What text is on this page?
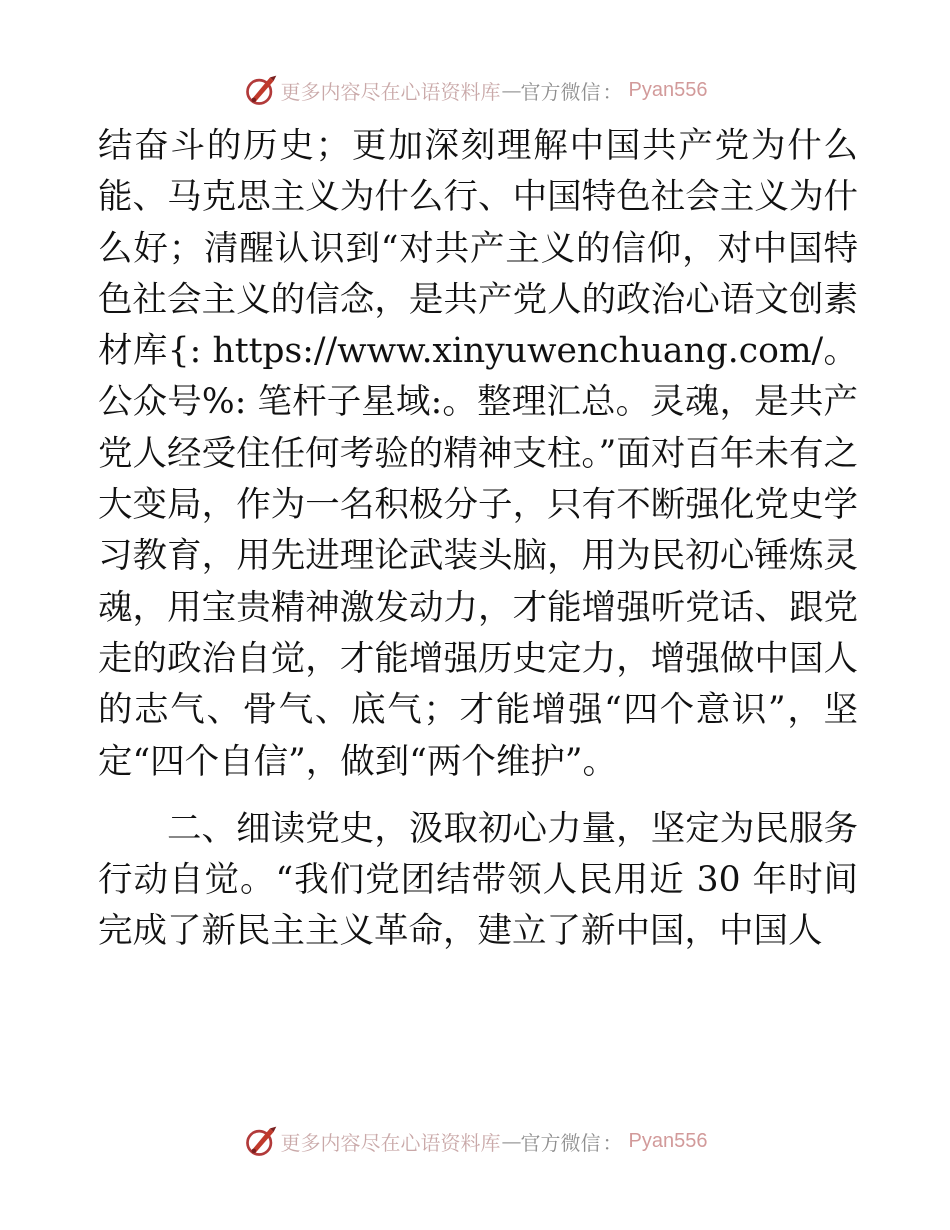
更多内容尽在心语资料库 — 官方微信 ： Pyan556

结奋斗的历史；更加深刻理解中国共产党为什么能、马克思主义为什么行、中国特色社会主义为什么好；清醒认识到“对共产主义的信仰，对中国特色社会主义的信念，是共产党人的政治心语文创素材库{: https://www.xinyuwenchuang.com/。公众号%: 笔杆子星域:。整理汇总。灵魂，是共产党人经受住任何考验的精神支柱。”面对百年未有之大变局，作为一名积极分子，只有不断强化党史学习教育，用先进理论武装头脑，用为民初心锤炼灵魂，用宝贵精神激发动力，才能增强听党话、跟党走的政治自觉，才能增强历史定力，增强做中国人的志气、骨气、底气；才能增强“四个意识”，坚定“四个自信”，做到“两个维护”。

二、细读党史，汲取初心力量，坚定为民服务行动自觉。“我们党团结带领人民用近 30 年时间完成了新民主主义革命，建立了新中国，中国人

更多内容尽在心语资料库 — 官方微信 ： Pyan556
